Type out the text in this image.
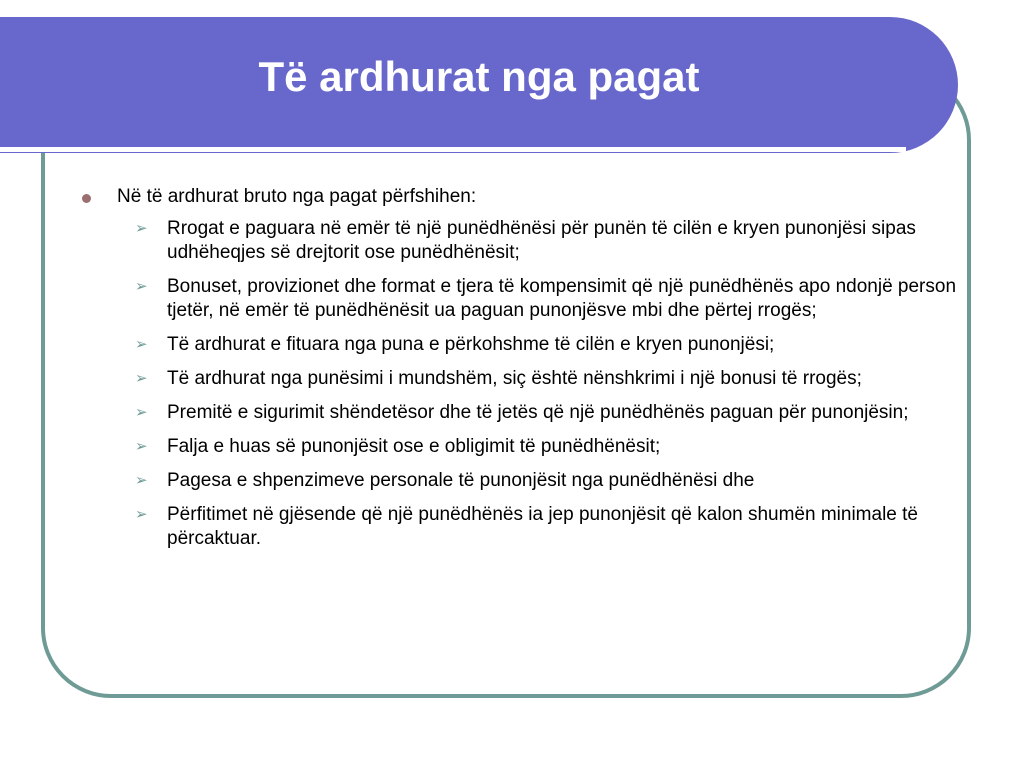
Të ardhurat nga pagat
Në të ardhurat bruto nga pagat përfshihen:
➢ Rrogat e paguara në emër të një punëdhënësi për punën të cilën e kryen punonjësi sipas udhëheqjes së drejtorit ose punëdhënësit;
➢ Bonuset, provizionet dhe format e tjera të kompensimit që një punëdhënës apo ndonjë person tjetër, në emër të punëdhënësit ua paguan punonjësve mbi dhe përtej rrogës;
➢ Të ardhurat e fituara nga puna e përkohshme të cilën e kryen punonjësi;
➢ Të ardhurat nga punësimi i mundshëm, siç është nënshkrimi i një bonusi të rrogës;
➢ Premitë e sigurimit shëndetësor dhe të jetës që një punëdhënës paguan për punonjësin;
➢ Falja e huas së punonjësit ose e obligimit të punëdhënësit;
➢ Pagesa e shpenzimeve personale të punonjësit nga punëdhënësi dhe
➢ Përfitimet në gjësende që një punëdhënës ia jep punonjësit që kalon shumën minimale të përcaktuar.
